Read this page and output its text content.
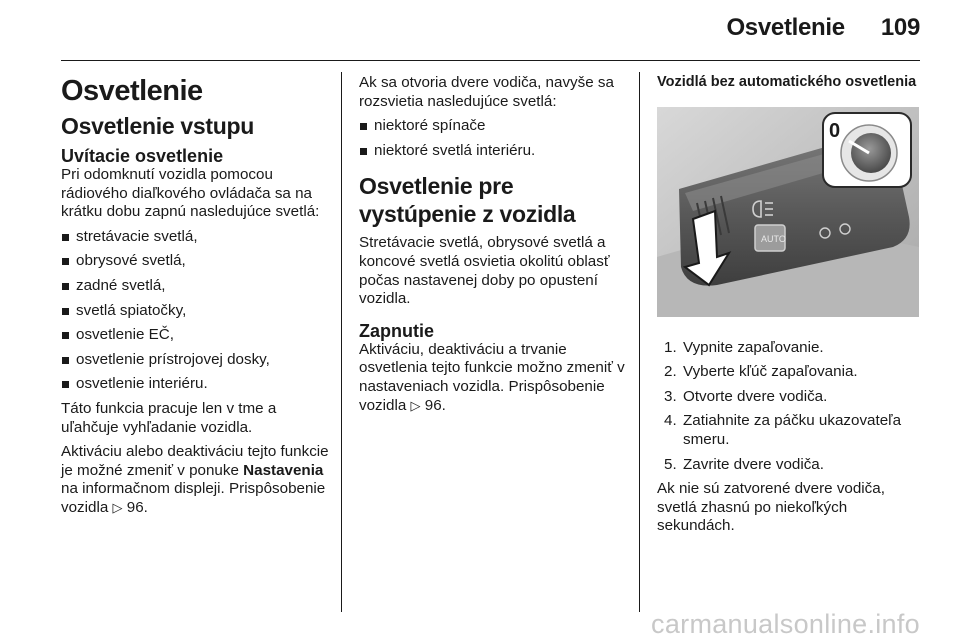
Osvetlenie 109
Osvetlenie
Osvetlenie vstupu
Uvítacie osvetlenie

Pri odomknutí vozidla pomocou rádiového diaľkového ovládača sa na krátku dobu zapnú nasledujúce svetlá:

stretávacie svetlá,
obrysové svetlá,
zadné svetlá,
svetlá spiatočky,
osvetlenie EČ,
osvetlenie prístrojovej dosky,
osvetlenie interiéru.

Táto funkcia pracuje len v tme a uľahčuje vyhľadanie vozidla.

Aktiváciu alebo deaktiváciu tejto funkcie je možné zmeniť v ponuke Nastavenia na informačnom displeji. Prispôsobenie vozidla ▷ 96.

Ak sa otvoria dvere vodiča, navyše sa rozsvietia nasledujúce svetlá:

niektoré spínače
niektoré svetlá interiéru.
Osvetlenie pre vystúpenie z vozidla

Stretávacie svetlá, obrysové svetlá a koncové svetlá osvietia okolitú oblasť počas nastavenej doby po opustení vozidla.

Zapnutie

Aktiváciu, deaktiváciu a trvanie osvetlenia tejto funkcie možno zmeniť v nastaveniach vozidla. Prispôsobenie vozidla ▷ 96.

Vozidlá bez automatického osvetlenia
AUTO
0
1. Vypnite zapaľovanie.
2. Vyberte kľúč zapaľovania.
3. Otvorte dvere vodiča.
4. Zatiahnite za páčku ukazovateľa smeru.
5. Zavrite dvere vodiča.

Ak nie sú zatvorené dvere vodiča, svetlá zhasnú po niekoľkých sekundách.

carmanualsonline.info
